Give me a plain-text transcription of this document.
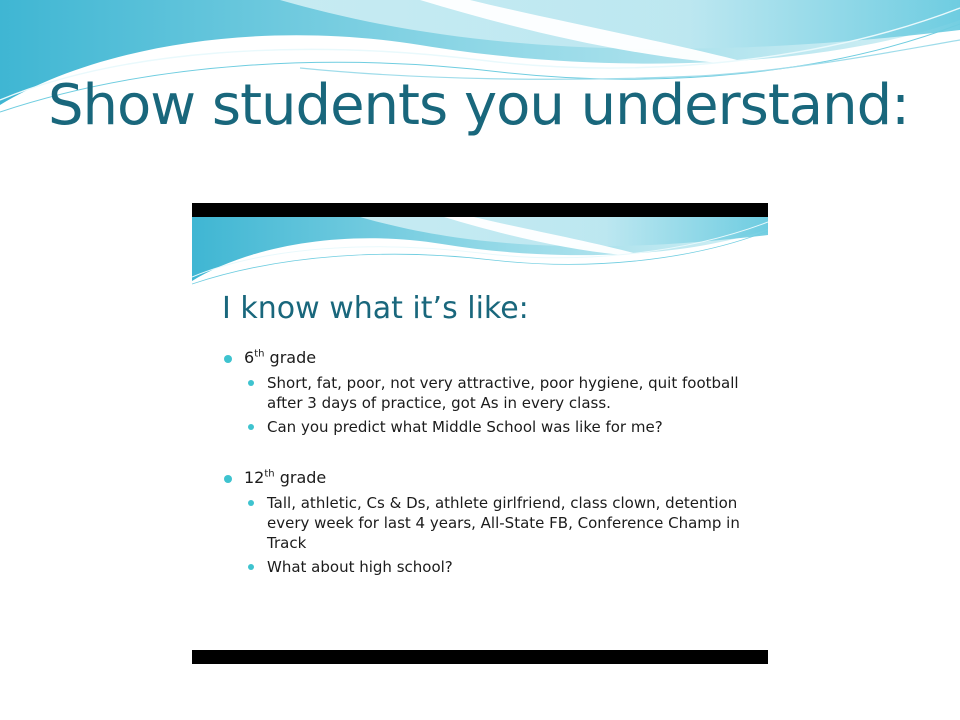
Show students you understand:
I know what it’s like:
6th grade
Short, fat, poor, not very attractive, poor hygiene, quit football after 3 days of practice, got As in every class.
Can you predict what Middle School was like for me?
12th grade
Tall, athletic, Cs & Ds, athlete girlfriend, class clown, detention every week for last 4 years, All-State FB, Conference Champ in Track
What about high school?
